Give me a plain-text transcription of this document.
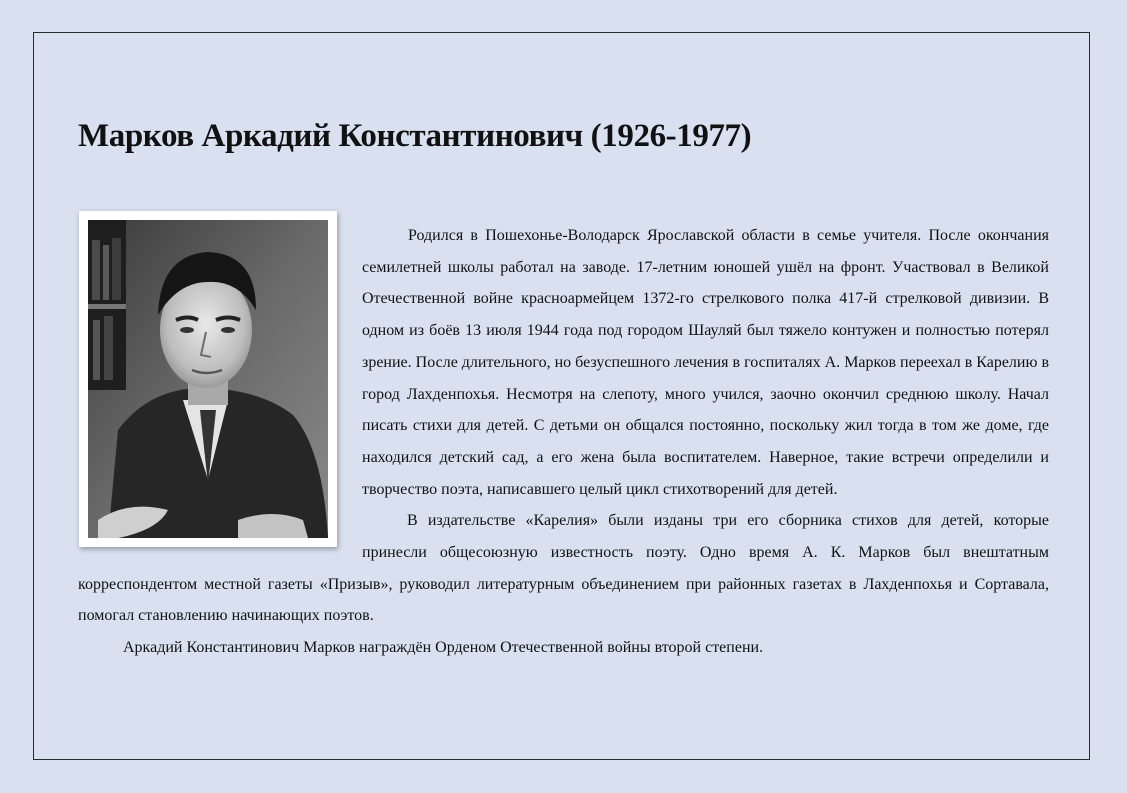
Марков Аркадий Константинович (1926-1977)

Родился в Пошехонье-Володарск Ярославской области в семье учителя. После окончания семилетней школы работал на заводе. 17-летним юношей ушёл на фронт. Участвовал в Великой Отечественной войне красноармейцем 1372-го стрелкового полка 417-й стрелковой дивизии. В одном из боёв 13 июля 1944 года под городом Шауляй был тяжело контужен и полностью потерял зрение. После длительного, но безуспешного лечения в госпиталях А. Марков переехал в Карелию в город Лахденпохья. Несмотря на слепоту, много учился, заочно окончил среднюю школу. Начал писать стихи для детей. С детьми он общался постоянно, поскольку жил тогда в том же доме, где находился детский сад, а его жена была воспитателем. Наверное, такие встречи определили и творчество поэта, написавшего целый цикл стихотворений для детей.

В издательстве «Карелия» были изданы три его сборника стихов для детей, которые принесли общесоюзную известность поэту. Одно время А. К. Марков был внештатным корреспондентом местной газеты «Призыв», руководил литературным объединением при районных газетах в Лахденпохья и Сортавала, помогал становлению начинающих поэтов.

Аркадий Константинович Марков награждён Орденом Отечественной войны второй степени.
